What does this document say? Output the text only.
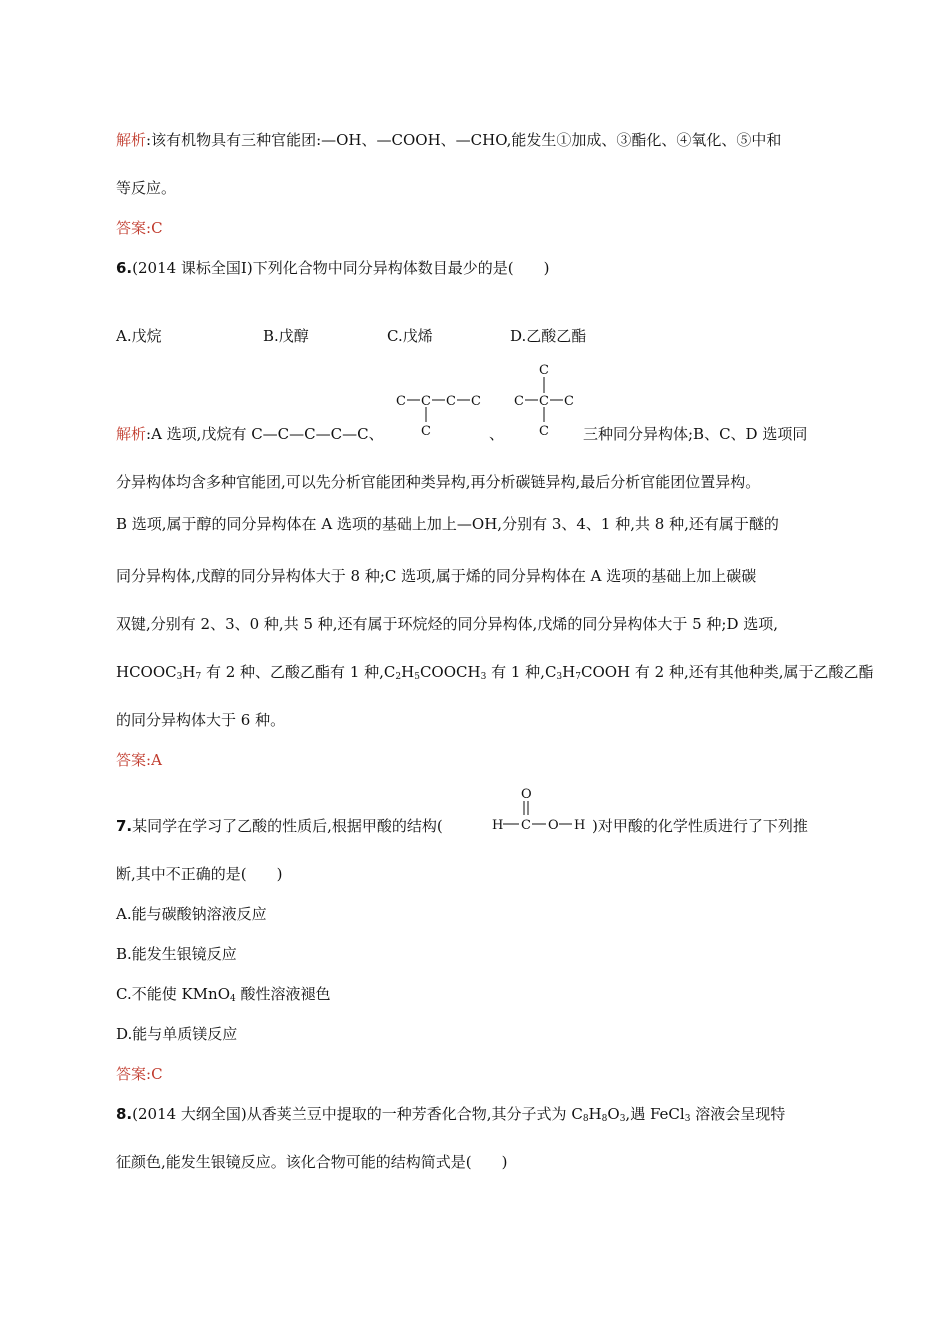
解析:该有机物具有三种官能团:—OH、—COOH、—CHO,能发生①加成、③酯化、④氧化、⑤中和
等反应。
答案:C
6.(2014 课标全国Ⅰ)下列化合物中同分异构体数目最少的是(　　)
A.戊烷	B.戊醇	C.戊烯	D.乙酸乙酯
C C C C
C
C
C C C
C
解析:A 选项,戊烷有 C—C—C—C—C、	、	三种同分异构体;B、C、D 选项同
分异构体均含多种官能团,可以先分析官能团种类异构,再分析碳链异构,最后分析官能团位置异构。
B 选项,属于醇的同分异构体在 A 选项的基础上加上—OH,分别有 3、4、1 种,共 8 种,还有属于醚的
同分异构体,戊醇的同分异构体大于 8 种;C 选项,属于烯的同分异构体在 A 选项的基础上加上碳碳
双键,分别有 2、3、0 种,共 5 种,还有属于环烷烃的同分异构体,戊烯的同分异构体大于 5 种;D 选项,
$HCOOC_3H_7$ 有 2 种、乙酸乙酯有 1 种$,C_2H_5COOCH_3$ 有 1 种$,C_3H_7COOH$ 有 2 种,还有其他种类,属于乙酸乙酯
的同分异构体大于 6 种。
答案:A
7.某同学在学习了乙酸的性质后,根据甲酸的结构(	)对甲酸的化学性质进行了下列推
O
H C O H
断,其中不正确的是(　　)
A.能与碳酸钠溶液反应
B.能发生银镜反应
C.不能使 KMnO$_4$ 酸性溶液褪色
D.能与单质镁反应
答案:C
8.(2014 大纲全国)从香荚兰豆中提取的一种芳香化合物,其分子式为 $C_8H_8O_3$,遇 FeCl$_3$ 溶液会呈现特
征颜色,能发生银镜反应。该化合物可能的结构简式是(　　)
